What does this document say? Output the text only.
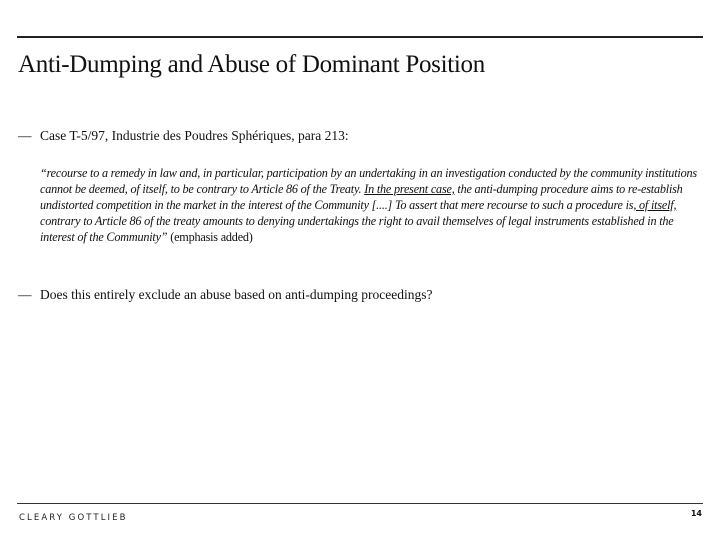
Anti-Dumping and Abuse of Dominant Position
— Case T-5/97, Industrie des Poudres Sphériques, para 213:
“recourse to a remedy in law and, in particular, participation by an undertaking in an investigation conducted by the community institutions cannot be deemed, of itself, to be contrary to Article 86 of the Treaty. In the present case, the anti-dumping procedure aims to re-establish undistorted competition in the market in the interest of the Community [....] To assert that mere recourse to such a procedure is, of itself, contrary to Article 86 of the treaty amounts to denying undertakings the right to avail themselves of legal instruments established in the interest of the Community” (emphasis added)
— Does this entirely exclude an abuse based on anti-dumping proceedings?
CLEARY GOTTLIEB	14
